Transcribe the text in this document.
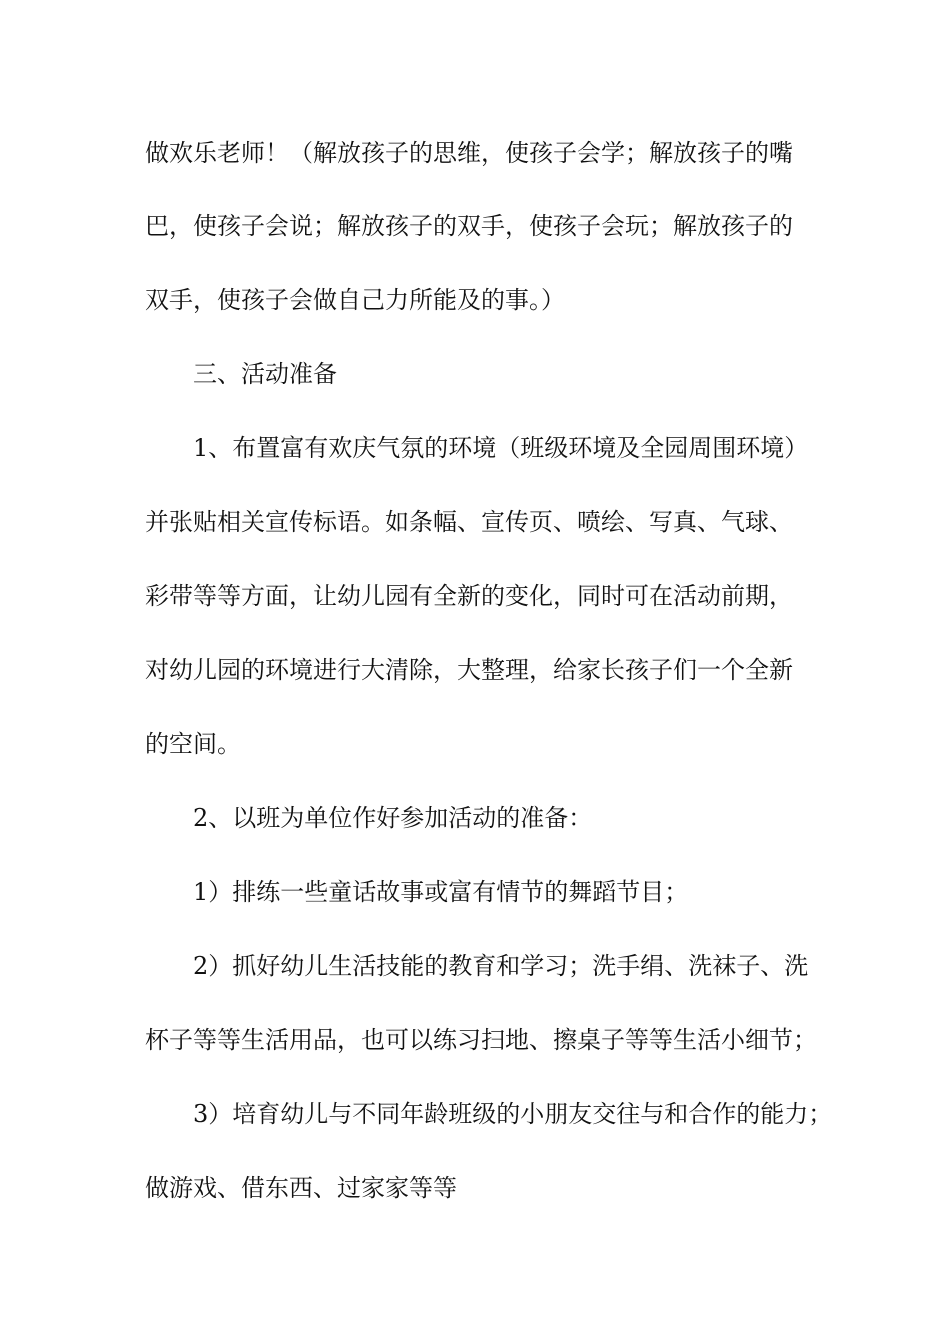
做欢乐老师！（解放孩子的思维，使孩子会学；解放孩子的嘴

巴，使孩子会说；解放孩子的双手，使孩子会玩；解放孩子的

双手，使孩子会做自己力所能及的事。）

三、活动准备

1、布置富有欢庆气氛的环境（班级环境及全园周围环境）

并张贴相关宣传标语。如条幅、宣传页、喷绘、写真、气球、

彩带等等方面，让幼儿园有全新的变化，同时可在活动前期，

对幼儿园的环境进行大清除，大整理，给家长孩子们一个全新

的空间。

2、以班为单位作好参加活动的准备：

1）排练一些童话故事或富有情节的舞蹈节目；

2）抓好幼儿生活技能的教育和学习；洗手绢、洗袜子、洗

杯子等等生活用品，也可以练习扫地、擦桌子等等生活小细节；

3）培育幼儿与不同年龄班级的小朋友交往与和合作的能力；

做游戏、借东西、过家家等等
